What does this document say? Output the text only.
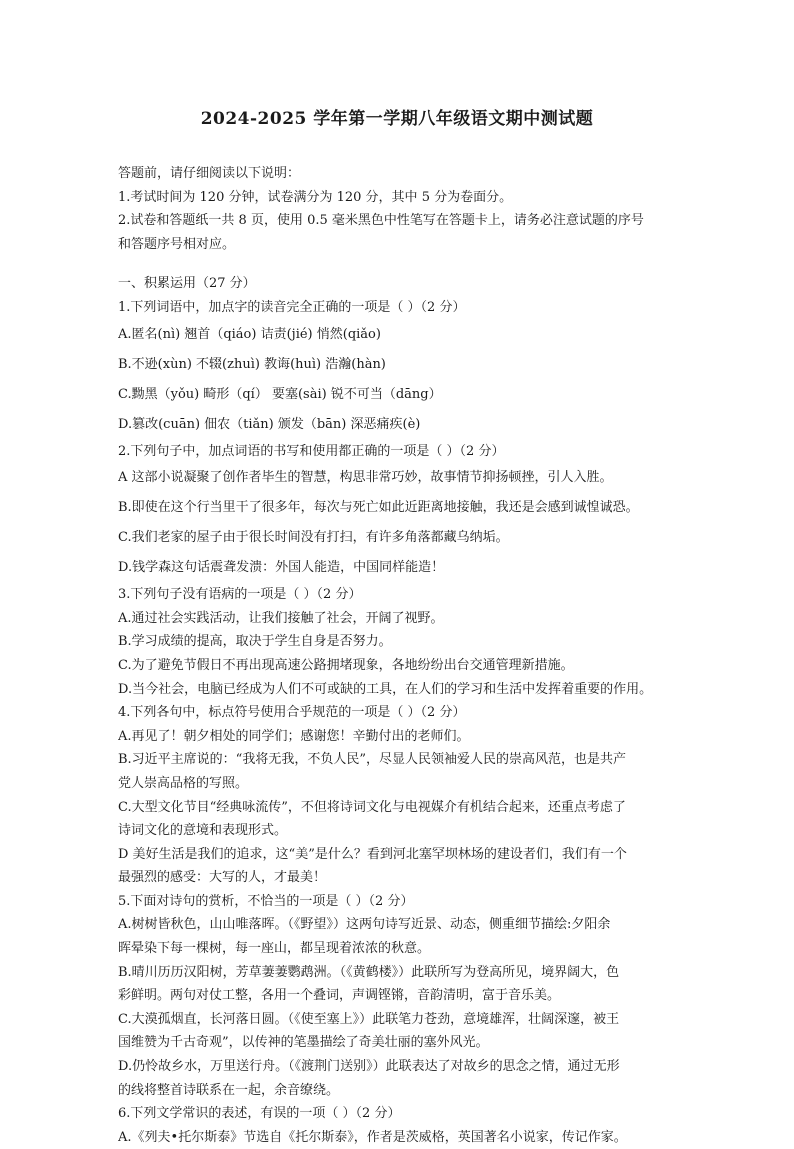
2024-2025 学年第一学期八年级语文期中测试题
答题前，请仔细阅读以下说明：
1.考试时间为 120 分钟，试卷满分为 120 分，其中 5 分为卷面分。
2.试卷和答题纸一共 8 页，使用 0.5 毫米黑色中性笔写在答题卡上，请务必注意试题的序号
和答题序号相对应。
一、积累运用（27 分）
1.下列词语中，加点字的读音完全正确的一项是（ ）（2 分）
A.匿名(nì) 翘首（qiáo) 诘责(jié) 悄然(qiǎo)
B.不逊(xùn) 不辍(zhuì) 教诲(huì) 浩瀚(hàn)
C.黝黑（yǒu) 畸形（qí） 要塞(sài) 锐不可当（dāng）
D.篡改(cuān) 佃农（tiǎn) 颁发（bān) 深恶痛疾(è)
2.下列句子中，加点词语的书写和使用都正确的一项是（ ）（2 分）
A 这部小说凝聚了创作者毕生的智慧，构思非常巧妙，故事情节抑扬顿挫，引人入胜。
B.即使在这个行当里干了很多年，每次与死亡如此近距离地接触，我还是会感到诚惶诚恐。
C.我们老家的屋子由于很长时间没有打扫，有许多角落都藏乌纳垢。
D.钱学森这句话震聋发溃：外国人能造，中国同样能造！
3.下列句子没有语病的一项是（ ）（2 分）
A.通过社会实践活动，让我们接触了社会，开阔了视野。
B.学习成绩的提高，取决于学生自身是否努力。
C.为了避免节假日不再出现高速公路拥堵现象，各地纷纷出台交通管理新措施。
D.当今社会，电脑已经成为人们不可或缺的工具，在人们的学习和生活中发挥着重要的作用。
4.下列各句中，标点符号使用合乎规范的一项是（ ）（2 分）
A.再见了！朝夕相处的同学们；感谢您！辛勤付出的老师们。
B.习近平主席说的：“我将无我，不负人民”，尽显人民领袖爱人民的崇高风范，也是共产
党人崇高品格的写照。
C.大型文化节目“经典咏流传”，不但将诗词文化与电视媒介有机结合起来，还重点考虑了
诗词文化的意境和表现形式。
D 美好生活是我们的追求，这“美”是什么？看到河北塞罕坝林场的建设者们，我们有一个
最强烈的感受：大写的人，才最美！
5.下面对诗句的赏析，不恰当的一项是（ ）（2 分）
A.树树皆秋色，山山唯落晖。（《野望》）这两句诗写近景、动态，侧重细节描绘:夕阳余
晖晕染下每一棵树，每一座山，都呈现着浓浓的秋意。
B.晴川历历汉阳树，芳草萋萋鹦鹉洲。（《黄鹤楼》）此联所写为登高所见，境界阔大，色
彩鲜明。两句对仗工整，各用一个叠词，声调铿锵，音韵清明，富于音乐美。
C.大漠孤烟直，长河落日圆。（《使至塞上》）此联笔力苍劲，意境雄浑，壮阔深邃，被王
国维赞为千古奇观”，以传神的笔墨描绘了奇美壮丽的塞外风光。
D.仍怜故乡水，万里送行舟。（《渡荆门送别》）此联表达了对故乡的思念之情，通过无形
的线将整首诗联系在一起，余音缭绕。
6.下列文学常识的表述，有误的一项（ ）（2 分）
A.《列夫•托尔斯泰》节选自《托尔斯泰》，作者是茨威格，英国著名小说家，传记作家。
